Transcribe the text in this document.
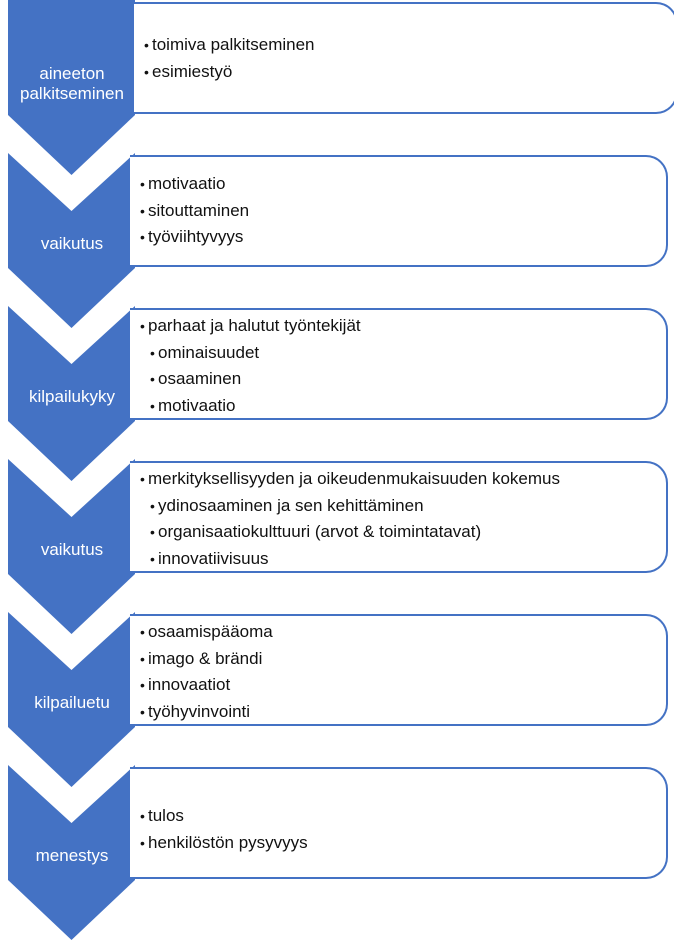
aineeton palkitseminen
• toimiva palkitseminen
• esimiestyö
vaikutus
• motivaatio
• sitouttaminen
• työviihtyvyys
kilpailukyky
• parhaat ja halutut työntekijät
• ominaisuudet
• osaaminen
• motivaatio
vaikutus
• merkityksellisyyden ja oikeudenmukaisuuden kokemus
• ydinosaaminen ja sen kehittäminen
• organisaatiokulttuuri (arvot & toimintatavat)
• innovatiivisuus
kilpailuetu
• osaamispääoma
• imago & brändi
• innovaatiot
• työhyvinvointi
menestys
• tulos
• henkilöstön pysyvyys
